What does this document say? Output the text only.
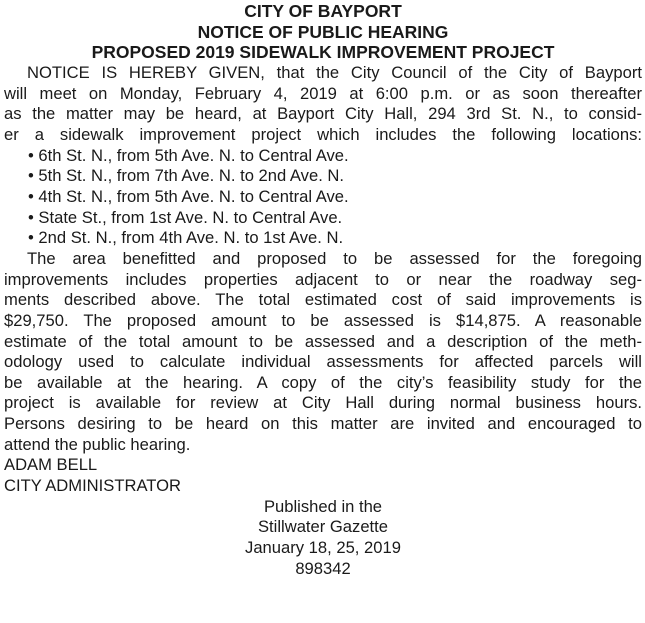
CITY OF BAYPORT
NOTICE OF PUBLIC HEARING
PROPOSED 2019 SIDEWALK IMPROVEMENT PROJECT
NOTICE IS HEREBY GIVEN, that the City Council of the City of Bayport
will meet on Monday, February 4, 2019 at 6:00 p.m. or as soon thereafter
as the matter may be heard, at Bayport City Hall, 294 3rd St. N., to consid-
er a sidewalk improvement project which includes the following locations:
• 6th St. N., from 5th Ave. N. to Central Ave.
• 5th St. N., from 7th Ave. N. to 2nd Ave. N.
• 4th St. N., from 5th Ave. N. to Central Ave.
• State St., from 1st Ave. N. to Central Ave.
• 2nd St. N., from 4th Ave. N. to 1st Ave. N.
The area benefitted and proposed to be assessed for the foregoing
improvements includes properties adjacent to or near the roadway seg-
ments described above. The total estimated cost of said improvements is
$29,750. The proposed amount to be assessed is $14,875. A reasonable
estimate of the total amount to be assessed and a description of the meth-
odology used to calculate individual assessments for affected parcels will
be available at the hearing. A copy of the city’s feasibility study for the
project is available for review at City Hall during normal business hours.
Persons desiring to be heard on this matter are invited and encouraged to
attend the public hearing.
ADAM BELL
CITY ADMINISTRATOR
Published in the
Stillwater Gazette
January 18, 25, 2019
898342
